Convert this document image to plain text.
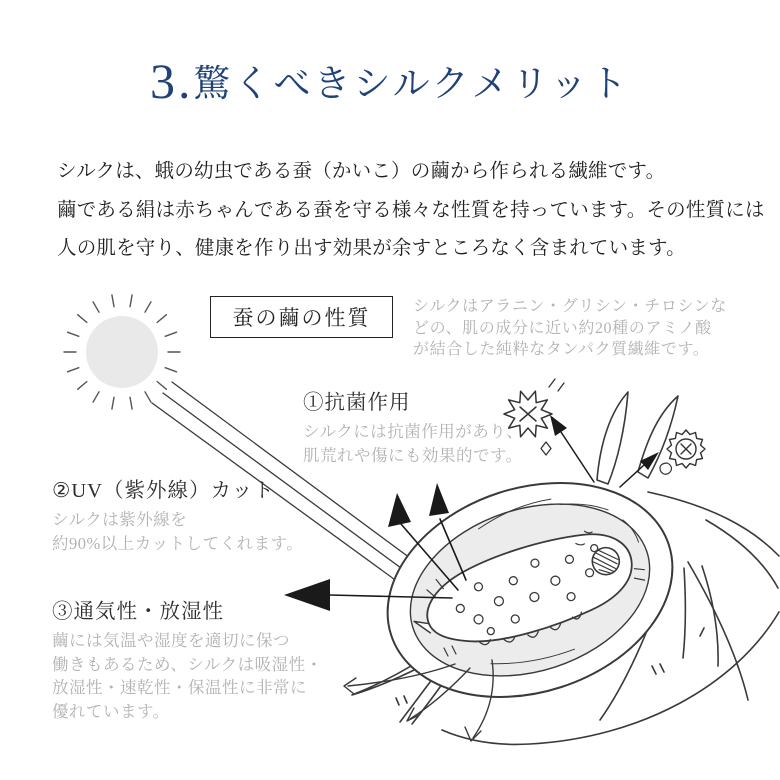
3.驚くべきシルクメリット
シルクは、蛾の幼虫である蚕（かいこ）の繭から作られる繊維です。
繭である絹は赤ちゃんである蚕を守る様々な性質を持っています。その性質には
人の肌を守り、健康を作り出す効果が余すところなく含まれています。
蚕の繭の性質	シルクはアラニン・グリシン・チロシンな
どの、肌の成分に近い約20種のアミノ酸
が結合した純粋なタンパク質繊維です。
①抗菌作用
シルクには抗菌作用があり、
肌荒れや傷にも効果的です。
②UV（紫外線）カット
シルクは紫外線を
約90%以上カットしてくれます。
③通気性・放湿性
繭には気温や湿度を適切に保つ
働きもあるため、シルクは吸湿性・
放湿性・速乾性・保温性に非常に
優れています。
